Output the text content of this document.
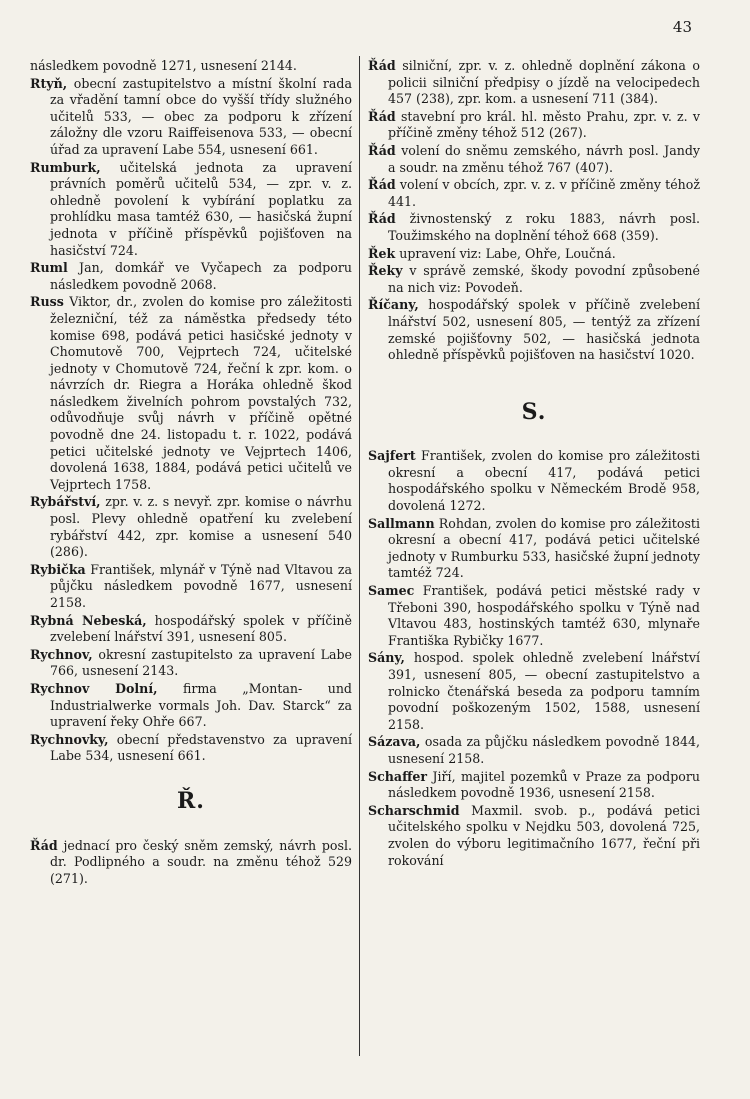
43

následkem povodně 1271, usnesení 2144.

Rtyň, obecní zastupitelstvo a místní školní rada za vřadění tamní obce do vyšší třídy služného učitelů 533, — obec za podporu k zřízení záložny dle vzoru Raiffeisenova 533, — obecní úřad za upravení Labe 554, usnesení 661.

Rumburk, učitelská jednota za upravení právních poměrů učitelů 534, — zpr. v. z. ohledně povolení k vybírání poplatku za prohlídku masa tamtéž 630, — hasičská župní jednota v příčině příspěvků pojišťoven na hasičství 724.

Ruml Jan, domkář ve Vyčapech za podporu následkem povodně 2068.

Russ Viktor, dr., zvolen do komise pro záležitosti železniční, též za náměstka předsedy této komise 698, podává petici hasičské jednoty v Chomutově 700, Vejprtech 724, učitelské jednoty v Chomutově 724, řeční k zpr. kom. o návrzích dr. Riegra a Horáka ohledně škod následkem živelních pohrom povstalých 732, odůvodňuje svůj návrh v příčině opětné povodně dne 24. listopadu t. r. 1022, podává petici učitelské jednoty ve Vejprtech 1406, dovolená 1638, 1884, podává petici učitelů ve Vejprtech 1758.

Rybářství, zpr. v. z. s nevyř. zpr. komise o návrhu posl. Plevy ohledně opatření ku zvelebení rybářství 442, zpr. komise a usnesení 540 (286).

Rybička František, mlynář v Týně nad Vltavou za půjčku následkem povodně 1677, usnesení 2158.

Rybná Nebeská, hospodářský spolek v příčině zvelebení lnářství 391, usnesení 805.

Rychnov, okresní zastupitelsto za upravení Labe 766, usnesení 2143.

Rychnov Dolní, firma „Montan- und Industrialwerke vormals Joh. Dav. Starck“ za upravení řeky Ohře 667.

Rychnovky, obecní představenstvo za upravení Labe 534, usnesení 661.

Ř.

Řád jednací pro český sněm zemský, návrh posl. dr. Podlipného a soudr. na změnu téhož 529 (271).

Řád silniční, zpr. v. z. ohledně doplnění zákona o policii silniční předpisy o jízdě na velocipedech 457 (238), zpr. kom. a usnesení 711 (384).

Řád stavební pro král. hl. město Prahu, zpr. v. z. v příčině změny téhož 512 (267).

Řád volení do sněmu zemského, návrh posl. Jandy a soudr. na změnu téhož 767 (407).

Řád volení v obcích, zpr. v. z. v příčině změny téhož 441.

Řád živnostenský z roku 1883, návrh posl. Toužimského na doplnění téhož 668 (359).

Řek upravení viz: Labe, Ohře, Loučná.

Řeky v správě zemské, škody povodní způsobené na nich viz: Povodeň.

Říčany, hospodářský spolek v příčině zvelebení lnářství 502, usnesení 805, — tentýž za zřízení zemské pojišťovny 502, — hasičská jednota ohledně příspěvků pojišťoven na hasičství 1020.

S.

Sajfert František, zvolen do komise pro záležitosti okresní a obecní 417, podává petici hospodářského spolku v Německém Brodě 958, dovolená 1272.

Sallmann Rohdan, zvolen do komise pro záležitosti okresní a obecní 417, podává petici učitelské jednoty v Rumburku 533, hasičské župní jednoty tamtéž 724.

Samec František, podává petici městské rady v Třeboni 390, hospodářského spolku v Týně nad Vltavou 483, hostinských tamtéž 630, mlynaře Františka Rybičky 1677.

Sány, hospod. spolek ohledně zvelebení lnářství 391, usnesení 805, — obecní zastupitelstvo a rolnicko čtenářská beseda za podporu tamním povodní poškozeným 1502, 1588, usnesení 2158.

Sázava, osada za půjčku následkem povodně 1844, usnesení 2158.

Schaffer Jiří, majitel pozemků v Praze za podporu následkem povodně 1936, usnesení 2158.

Scharschmid Maxmil. svob. p., podává petici učitelského spolku v Nejdku 503, dovolená 725, zvolen do výboru legitimačního 1677, řeční při rokování
